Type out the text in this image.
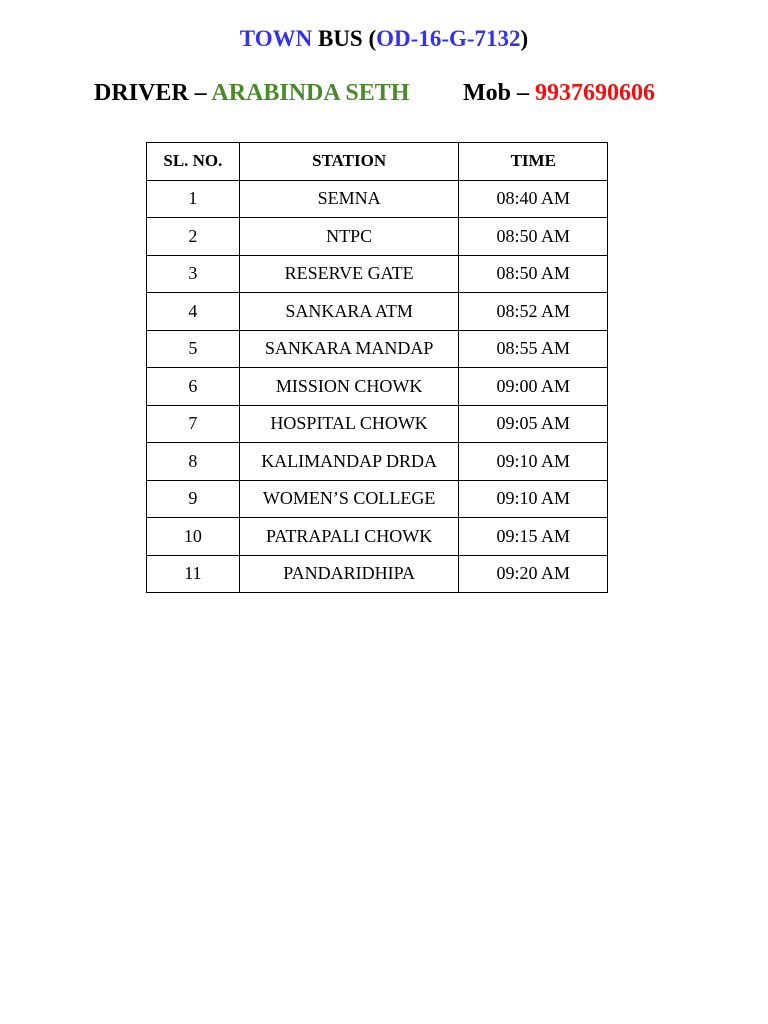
TOWN BUS (OD-16-G-7132)
DRIVER – ARABINDA SETH Mob – 9937690606
SL. NO.	STATION	TIME
1	SEMNA	08:40 AM
2	NTPC	08:50 AM
3	RESERVE GATE	08:50 AM
4	SANKARA ATM	08:52 AM
5	SANKARA MANDAP	08:55 AM
6	MISSION CHOWK	09:00 AM
7	HOSPITAL CHOWK	09:05 AM
8	KALIMANDAP DRDA	09:10 AM
9	WOMEN’S COLLEGE	09:10 AM
10	PATRAPALI CHOWK	09:15 AM
11	PANDARIDHIPA	09:20 AM
